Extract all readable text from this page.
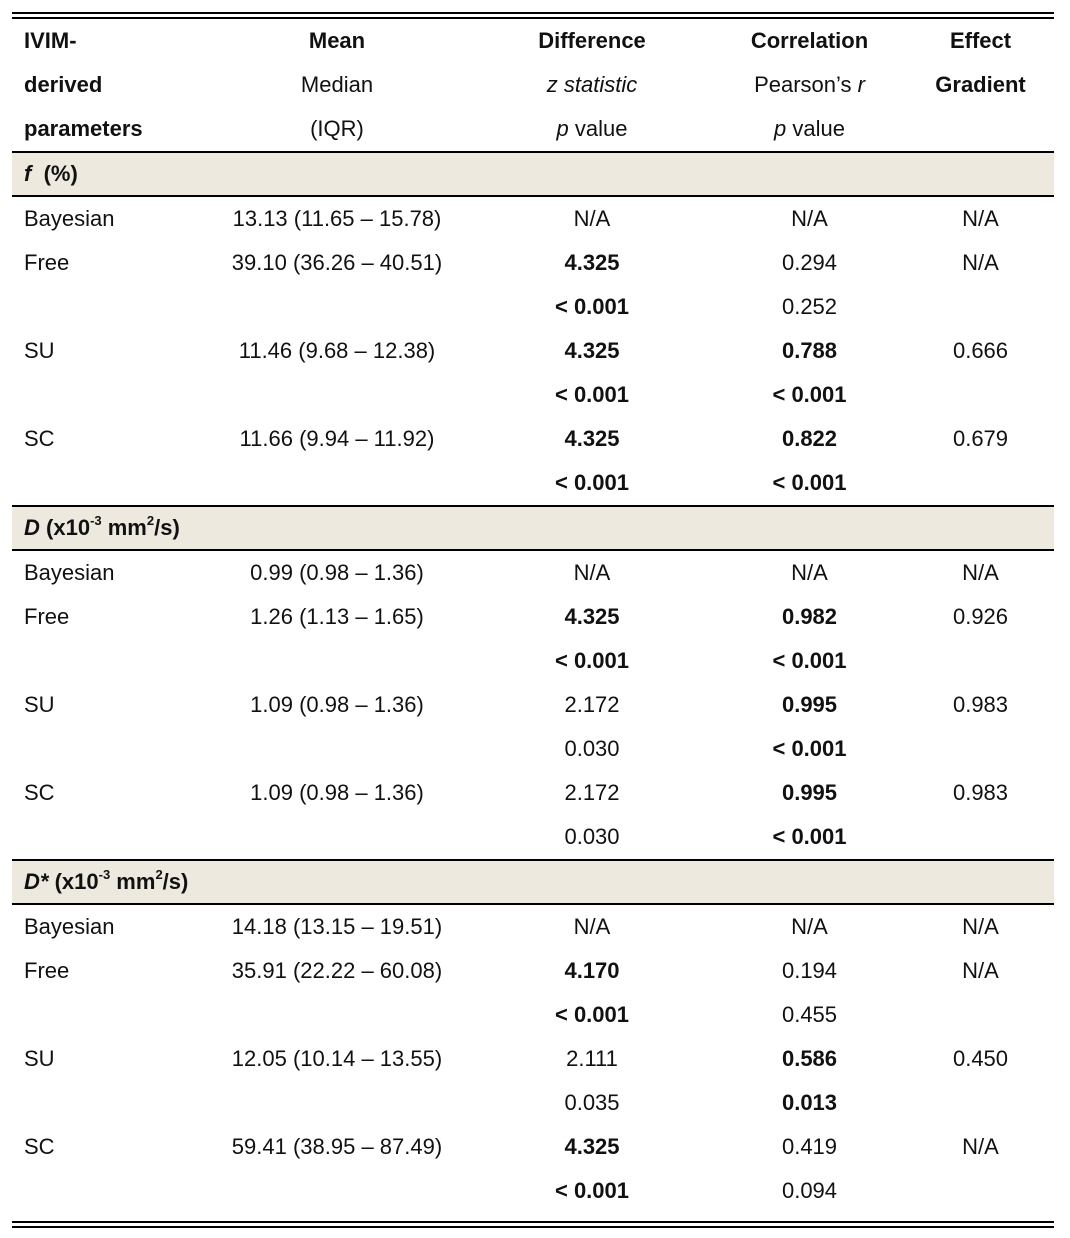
IVIM-	Mean	Difference	Correlation	Effect
derived	Median	z statistic	Pearson’s r	Gradient
parameters	(IQR)	p value	p value	
f (%)				
Bayesian	13.13 (11.65 – 15.78)	N/A	N/A	N/A
Free	39.10 (36.26 – 40.51)	4.325	0.294	N/A
		< 0.001	0.252	
SU	11.46 (9.68 – 12.38)	4.325	0.788	0.666
		< 0.001	< 0.001	
SC	11.66 (9.94 – 11.92)	4.325	0.822	0.679
		< 0.001	< 0.001	
D ($x10^{-3}$ $mm^2/s$)				
Bayesian	0.99 (0.98 – 1.36)	N/A	N/A	N/A
Free	1.26 (1.13 – 1.65)	4.325	0.982	0.926
		< 0.001	< 0.001	
SU	1.09 (0.98 – 1.36)	2.172	0.995	0.983
		0.030	< 0.001	
SC	1.09 (0.98 – 1.36)	2.172	0.995	0.983
		0.030	< 0.001	
D* ($x10^{-3}$ $mm^2/s$)				
Bayesian	14.18 (13.15 – 19.51)	N/A	N/A	N/A
Free	35.91 (22.22 – 60.08)	4.170	0.194	N/A
		< 0.001	0.455	
SU	12.05 (10.14 – 13.55)	2.111	0.586	0.450
		0.035	0.013	
SC	59.41 (38.95 – 87.49)	4.325	0.419	N/A
		< 0.001	0.094	
